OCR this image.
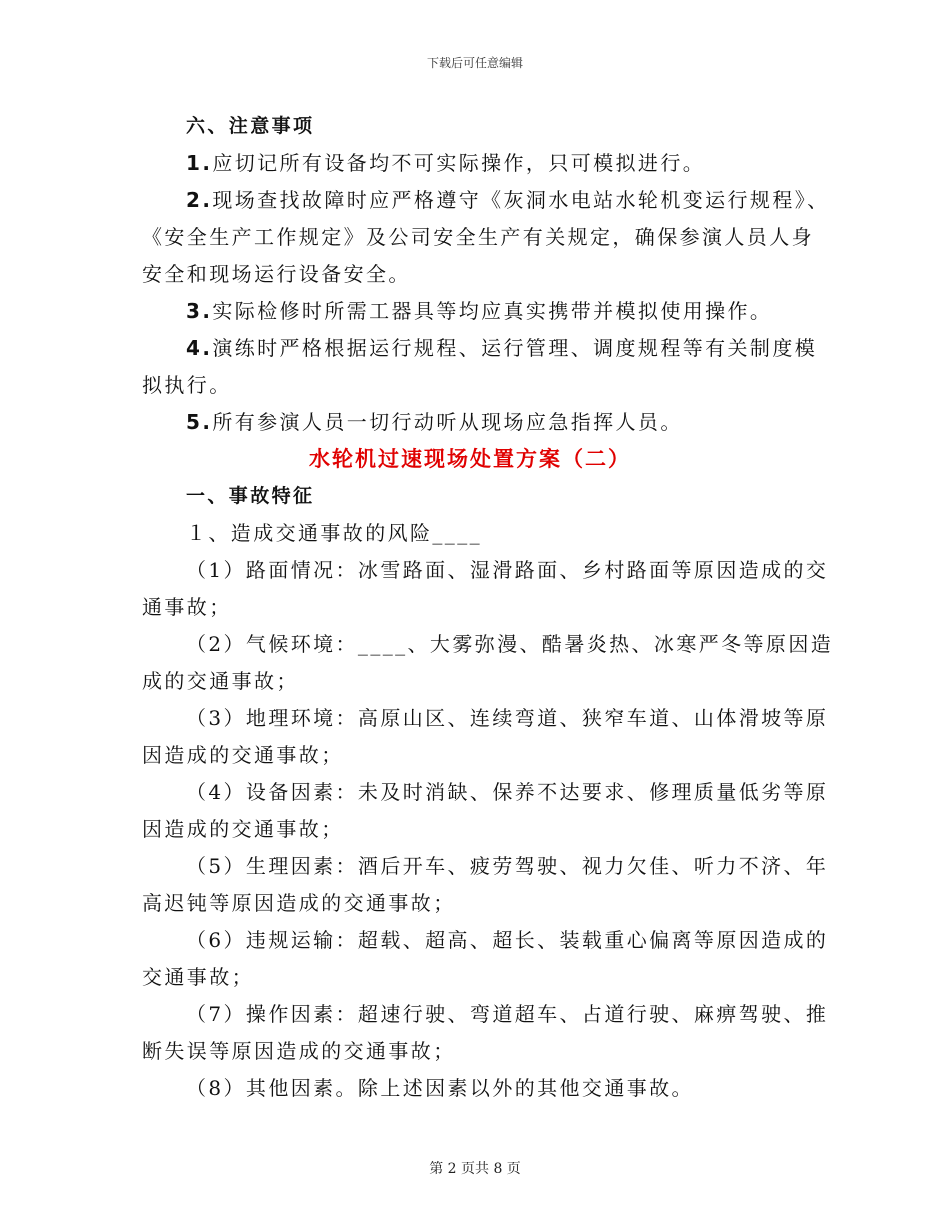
下载后可任意编辑

六、注意事项

1.应切记所有设备均不可实际操作，只可模拟进行。

2.现场查找故障时应严格遵守《灰洞水电站水轮机变运行规程》、

《安全生产工作规定》及公司安全生产有关规定，确保参演人员人身

安全和现场运行设备安全。

3.实际检修时所需工器具等均应真实携带并模拟使用操作。

4.演练时严格根据运行规程、运行管理、调度规程等有关制度模

拟执行。

5.所有参演人员一切行动听从现场应急指挥人员。

水轮机过速现场处置方案（二）

一、事故特征

１、造成交通事故的风险____

（1）路面情况：冰雪路面、湿滑路面、乡村路面等原因造成的交

通事故；

（2）气候环境：____、大雾弥漫、酷暑炎热、冰寒严冬等原因造

成的交通事故；

（3）地理环境：高原山区、连续弯道、狭窄车道、山体滑坡等原

因造成的交通事故；

（4）设备因素：未及时消缺、保养不达要求、修理质量低劣等原

因造成的交通事故；

（5）生理因素：酒后开车、疲劳驾驶、视力欠佳、听力不济、年

高迟钝等原因造成的交通事故；

（6）违规运输：超载、超高、超长、装载重心偏离等原因造成的

交通事故；

（7）操作因素：超速行驶、弯道超车、占道行驶、麻痹驾驶、推

断失误等原因造成的交通事故；

（8）其他因素。除上述因素以外的其他交通事故。

第 2 页共 8 页
